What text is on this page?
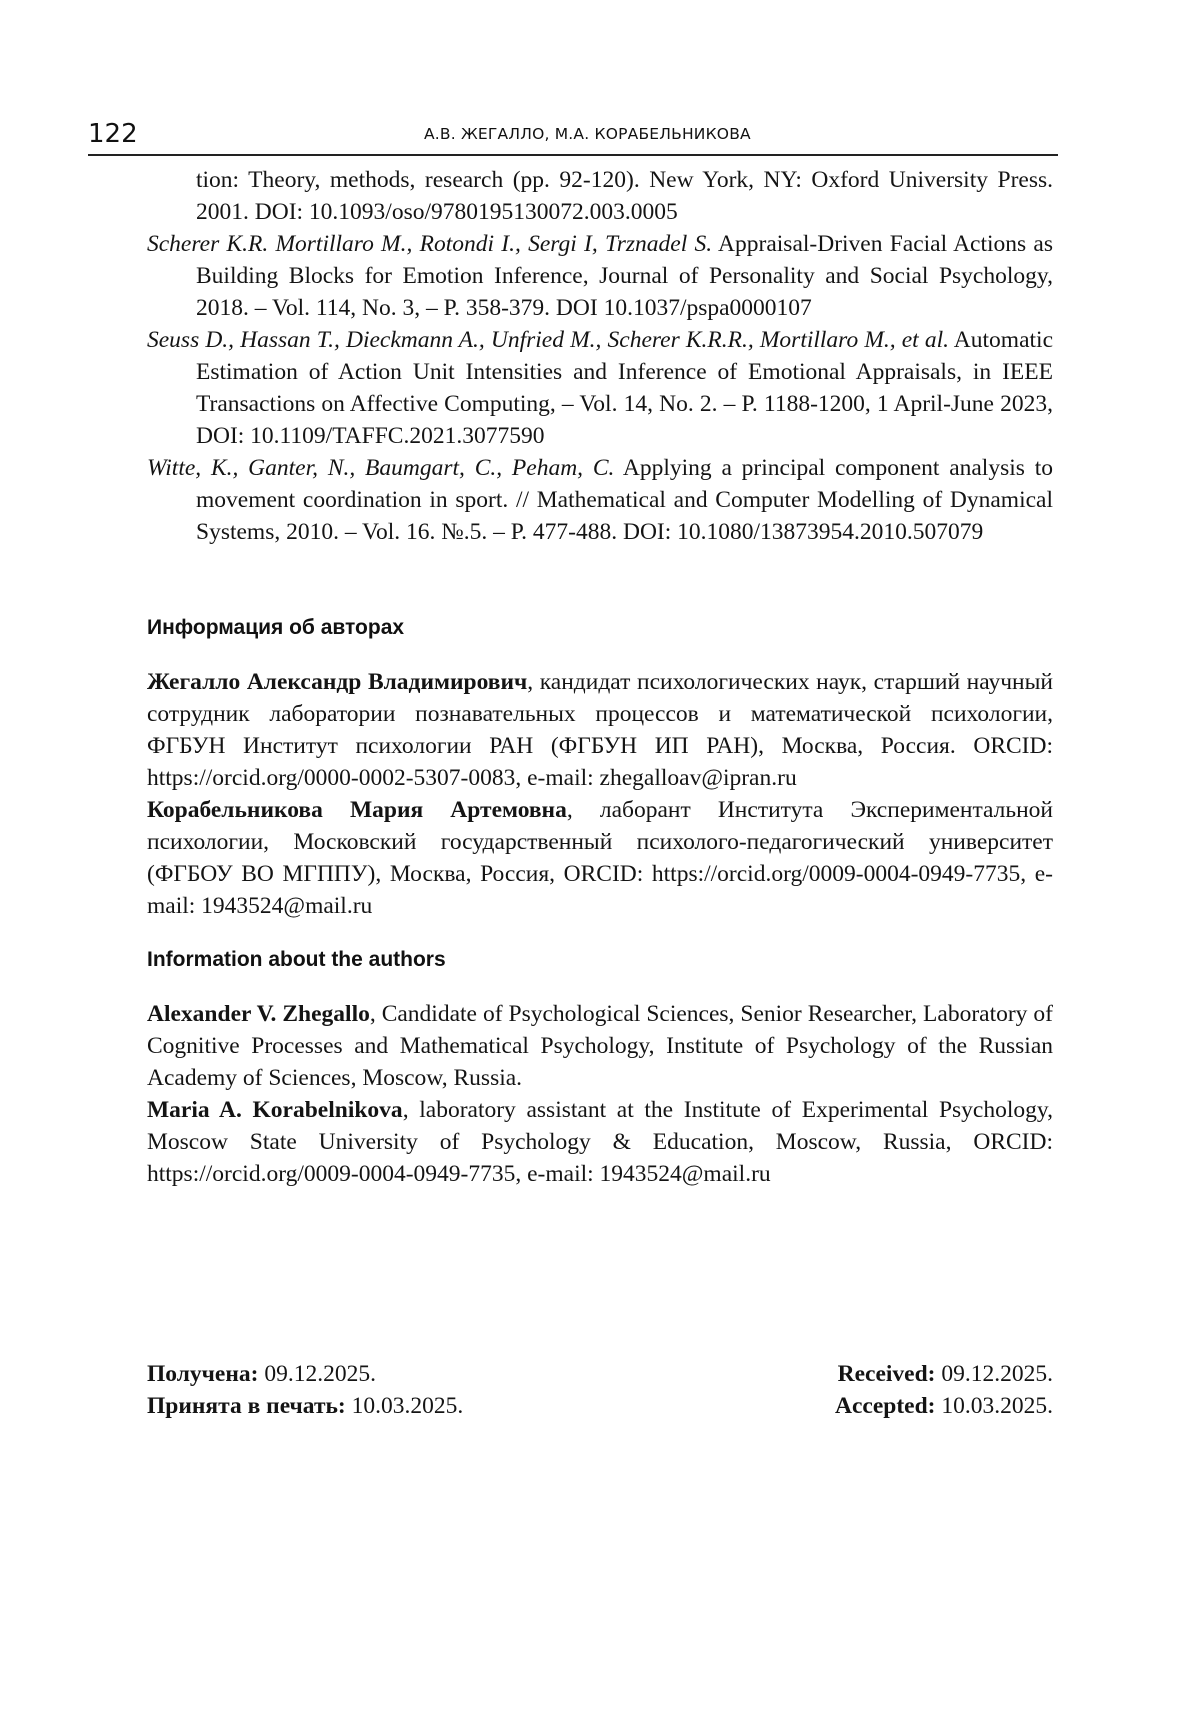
122	А.В. ЖЕГАЛЛО, М.А. КОРАБЕЛЬНИКОВА

tion: Theory, methods, research (pp. 92-120). New York, NY: Oxford University Press. 2001. DOI: 10.1093/oso/9780195130072.003.0005

Scherer K.R. Mortillaro M., Rotondi I., Sergi I, Trznadel S. Appraisal-Driven Facial Actions as Building Blocks for Emotion Inference, Journal of Personality and Social Psychology, 2018. – Vol. 114, No. 3, – P. 358-379. DOI 10.1037/pspa0000107

Seuss D., Hassan T., Dieckmann A., Unfried M., Scherer K.R.R., Mortillaro M., et al. Automatic Estimation of Action Unit Intensities and Inference of Emotional Appraisals, in IEEE Transactions on Affective Computing, – Vol. 14, No. 2. – P. 1188-1200, 1 April-June 2023, DOI: 10.1109/TAFFC.2021.3077590

Witte, K., Ganter, N., Baumgart, C., Peham, C. Applying a principal component analysis to movement coordination in sport. // Mathematical and Computer Modelling of Dynamical Systems, 2010. – Vol. 16. №.5. – P. 477-488. DOI: 10.1080/13873954.2010.507079

Информация об авторах

Жегалло Александр Владимирович, кандидат психологических наук, старший научный сотрудник лаборатории познавательных процессов и математической психологии, ФГБУН Институт психологии РАН (ФГБУН ИП РАН), Москва, Россия. ORCID: https://orcid.org/0000-0002-5307-0083, e-mail: zhegalloav@ipran.ru

Корабельникова Мария Артемовна, лаборант Института Экспериментальной психологии, Московский государственный психолого-педагогический университет (ФГБОУ ВО МГППУ), Москва, Россия, ORCID: https://orcid.org/0009-0004-0949-7735, e-mail: 1943524@mail.ru

Information about the authors

Alexander V. Zhegallo, Candidate of Psychological Sciences, Senior Researcher, Laboratory of Cognitive Processes and Mathematical Psychology, Institute of Psychology of the Russian Academy of Sciences, Moscow, Russia.

Maria A. Korabelnikova, laboratory assistant at the Institute of Experimental Psychology, Moscow State University of Psychology & Education, Moscow, Russia, ORCID: https://orcid.org/0009-0004-0949-7735, e-mail: 1943524@mail.ru

Получена: 09.12.2025.	Received: 09.12.2025.
Принята в печать: 10.03.2025.	Accepted: 10.03.2025.
